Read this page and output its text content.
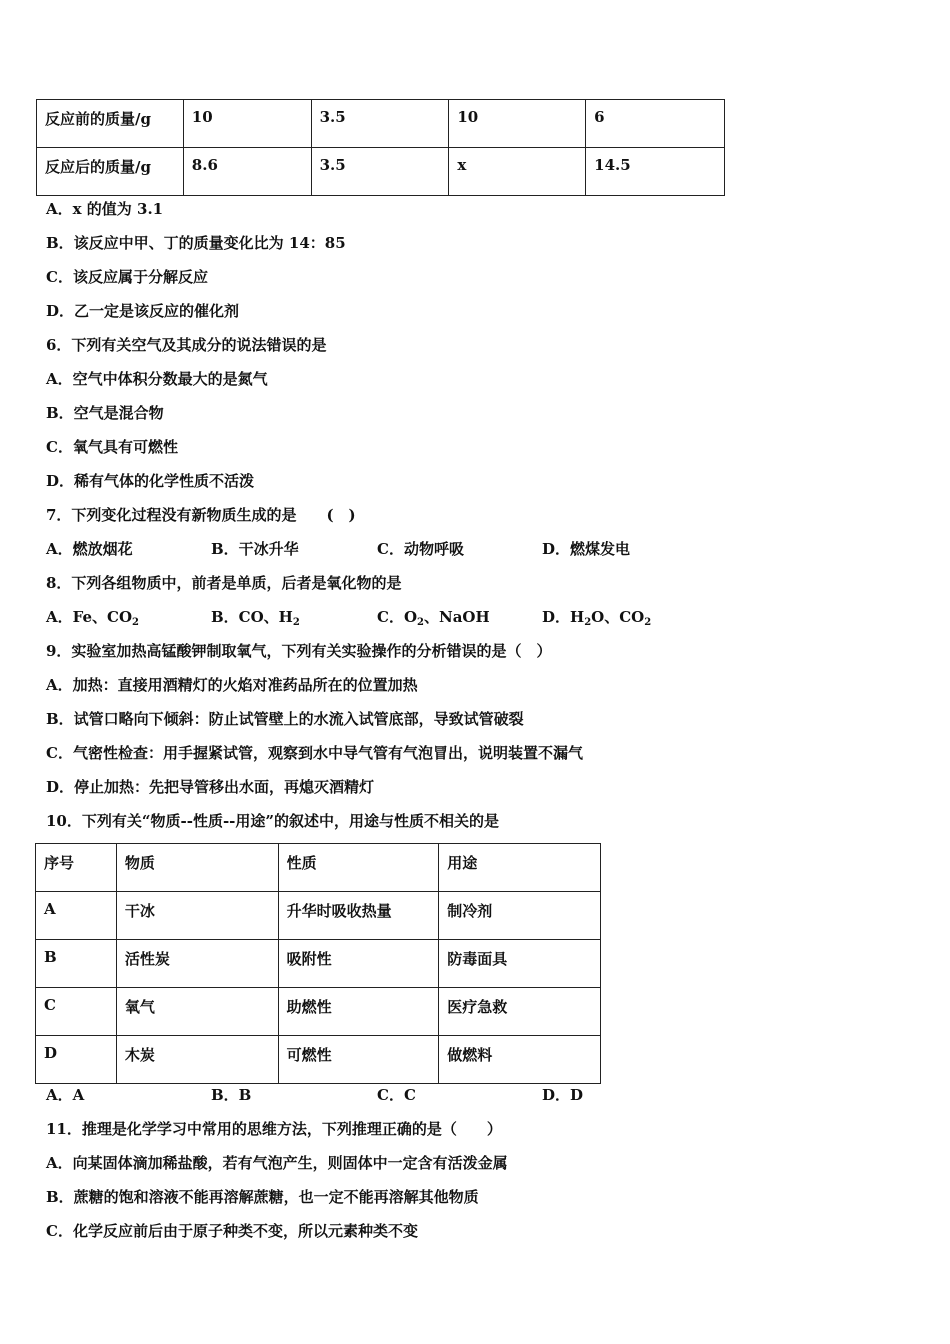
反应前的质量/g	10	3.5	10	6
反应后的质量/g	8.6	3.5	x	14.5
A．x 的值为 3.1
B．该反应中甲、丁的质量变化比为 14：85
C．该反应属于分解反应
D．乙一定是该反应的催化剂
6．下列有关空气及其成分的说法错误的是
A．空气中体积分数最大的是氮气
B．空气是混合物
C．氧气具有可燃性
D．稀有气体的化学性质不活泼
7．下列变化过程没有新物质生成的是　　(　)
A．燃放烟花	B．干冰升华	C．动物呼吸	D．燃煤发电
8．下列各组物质中，前者是单质，后者是氧化物的是
A．Fe、$CO_2$	B．CO、$H_2$	C．$O_2$、NaOH	D．$H_2O$、$CO_2$
9．实验室加热高锰酸钾制取氧气，下列有关实验操作的分析错误的是（　）
A．加热：直接用酒精灯的火焰对准药品所在的位置加热
B．试管口略向下倾斜：防止试管壁上的水流入试管底部，导致试管破裂
C．气密性检查：用手握紧试管，观察到水中导气管有气泡冒出，说明装置不漏气
D．停止加热：先把导管移出水面，再熄灭酒精灯
10．下列有关“物质--性质--用途”的叙述中，用途与性质不相关的是
序号	物质	性质	用途
A	干冰	升华时吸收热量	制冷剂
B	活性炭	吸附性	防毒面具
C	氧气	助燃性	医疗急救
D	木炭	可燃性	做燃料
A．A	B．B	C．C	D．D
11．推理是化学学习中常用的思维方法，下列推理正确的是（　　）
A．向某固体滴加稀盐酸，若有气泡产生，则固体中一定含有活泼金属
B．蔗糖的饱和溶液不能再溶解蔗糖，也一定不能再溶解其他物质
C．化学反应前后由于原子种类不变，所以元素种类不变
